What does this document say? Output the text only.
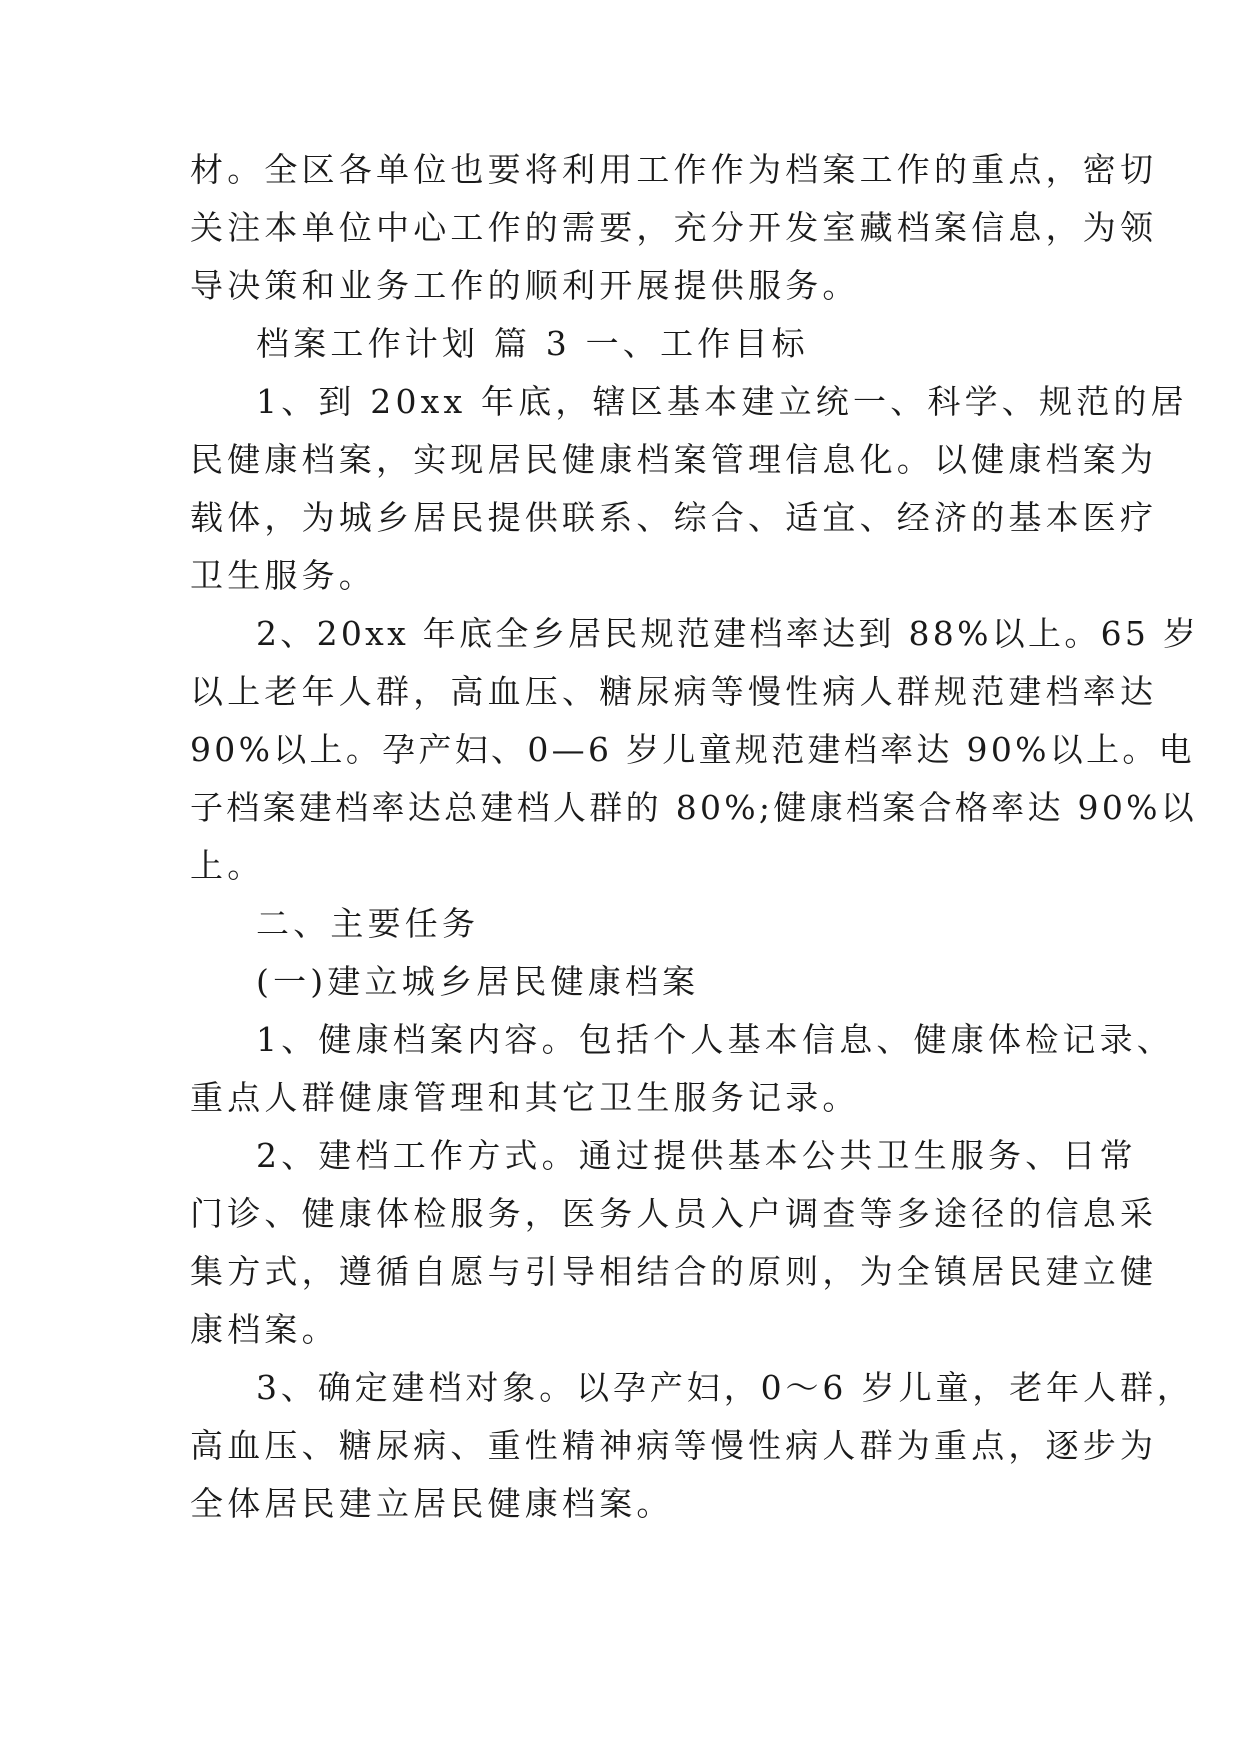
材。全区各单位也要将利用工作作为档案工作的重点，密切
关注本单位中心工作的需要，充分开发室藏档案信息，为领
导决策和业务工作的顺利开展提供服务。
档案工作计划 篇 3 一、工作目标
1、到 20xx 年底，辖区基本建立统一、科学、规范的居
民健康档案，实现居民健康档案管理信息化。以健康档案为
载体，为城乡居民提供联系、综合、适宜、经济的基本医疗
卫生服务。
2、20xx 年底全乡居民规范建档率达到 88%以上。65 岁
以上老年人群，高血压、糖尿病等慢性病人群规范建档率达
90%以上。孕产妇、0—6 岁儿童规范建档率达 90%以上。电
子档案建档率达总建档人群的 80%;健康档案合格率达 90%以
上。
二、主要任务
(一)建立城乡居民健康档案
1、健康档案内容。包括个人基本信息、健康体检记录、
重点人群健康管理和其它卫生服务记录。
2、建档工作方式。通过提供基本公共卫生服务、日常
门诊、健康体检服务，医务人员入户调查等多途径的信息采
集方式，遵循自愿与引导相结合的原则，为全镇居民建立健
康档案。
3、确定建档对象。以孕产妇，0～6 岁儿童，老年人群，
高血压、糖尿病、重性精神病等慢性病人群为重点，逐步为
全体居民建立居民健康档案。
